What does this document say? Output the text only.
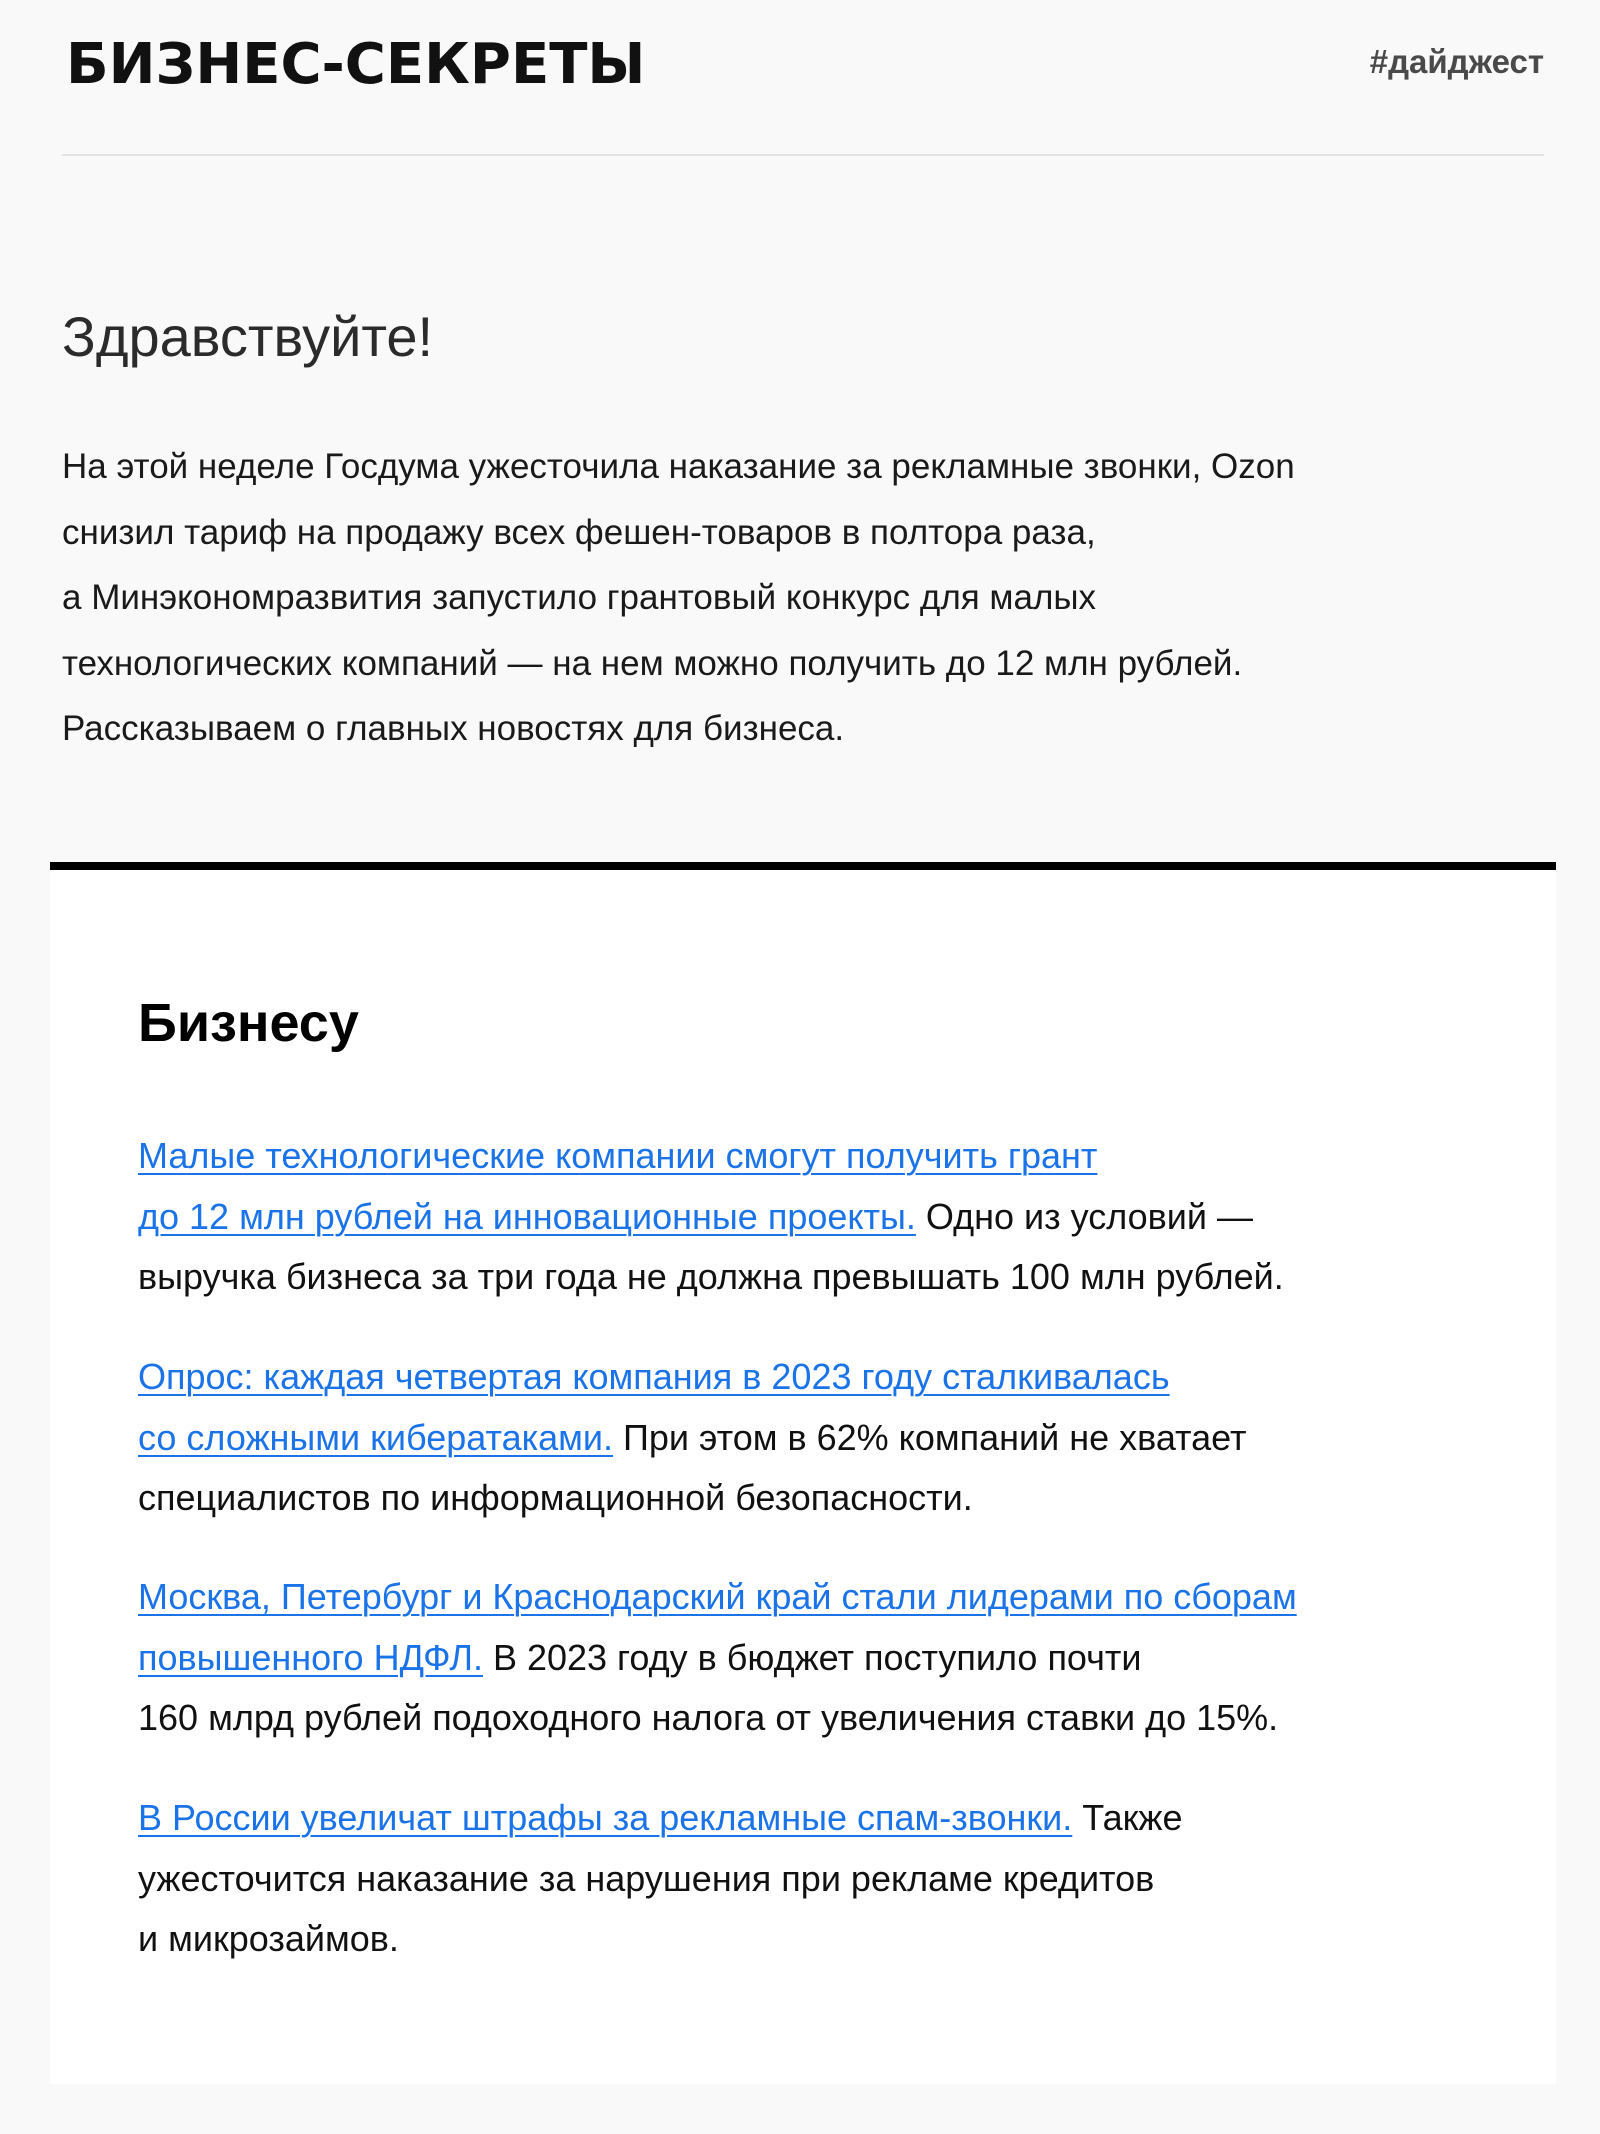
БИЗНЕС-СЕКРЕТЫ	#дайджест
Здравствуйте!

На этой неделе Госдума ужесточила наказание за рекламные звонки, Ozon
снизил тариф на продажу всех фешен-товаров в полтора раза,
а Минэкономразвития запустило грантовый конкурс для малых
технологических компаний — на нем можно получить до 12 млн рублей.
Рассказываем о главных новостях для бизнеса.

Бизнесу

Малые технологические компании смогут получить грант
до 12 млн рублей на инновационные проекты. Одно из условий —
выручка бизнеса за три года не должна превышать 100 млн рублей.

Опрос: каждая четвертая компания в 2023 году сталкивалась
со сложными кибератаками. При этом в 62% компаний не хватает
специалистов по информационной безопасности.

Москва, Петербург и Краснодарский край стали лидерами по сборам
повышенного НДФЛ. В 2023 году в бюджет поступило почти
160 млрд рублей подоходного налога от увеличения ставки до 15%.

В России увеличат штрафы за рекламные спам-звонки. Также
ужесточится наказание за нарушения при рекламе кредитов
и микрозаймов.
